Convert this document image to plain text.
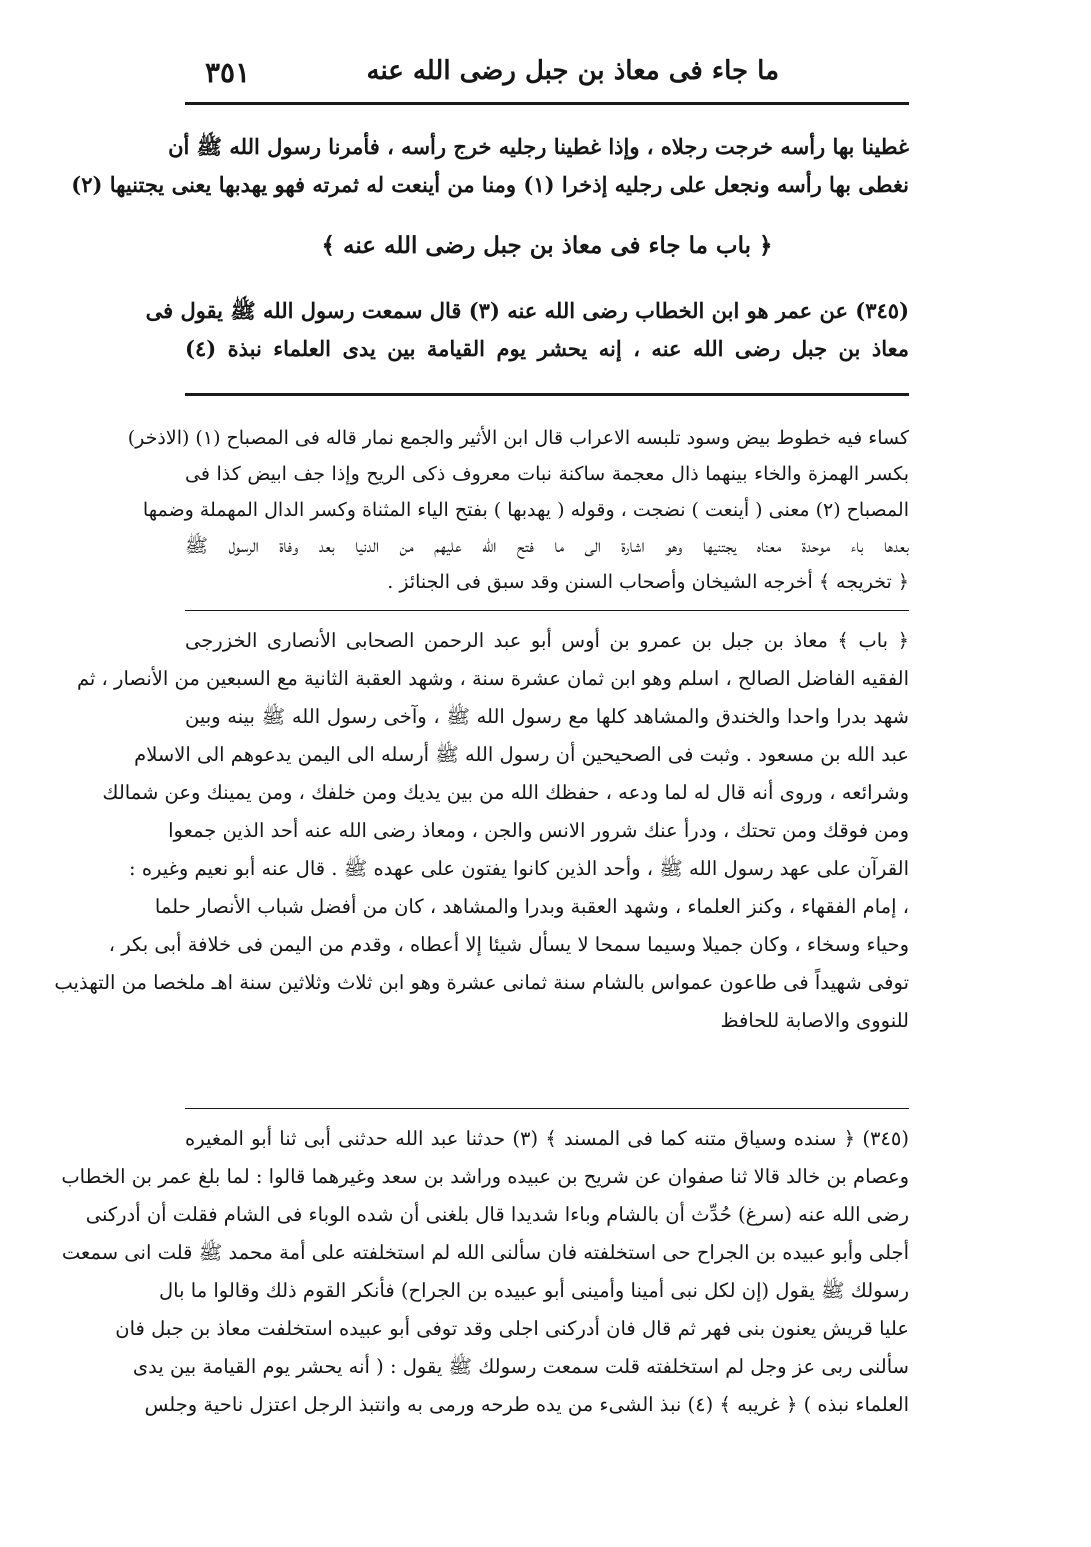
٣٥١	ما جاء فى معاذ بن جبل رضى الله عنه
غطينا بها رأسه خرجت رجلاه ، وإذا غطينا رجليه خرج رأسه ، فأمرنا رسول الله ﷺ أن
نغطى بها رأسه ونجعل على رجليه إذخرا (١) ومنا من أينعت له ثمرته فهو يهدبها يعنى يجتنيها (٢)
﴿ باب ما جاء فى معاذ بن جبل رضى الله عنه ﴾
(٣٤٥) عن عمر هو ابن الخطاب رضى الله عنه (٣) قال سمعت رسول الله ﷺ يقول فى
معاذ بن جبل رضى الله عنه ، إنه يحشر يوم القيامة بين يدى العلماء نبذة (٤)
كساء فيه خطوط بيض وسود تلبسه الاعراب قال ابن الأثير والجمع نمار قاله فى المصباح (١) (الاذخر)
بكسر الهمزة والخاء بينهما ذال معجمة ساكنة نبات معروف ذكى الريح وإذا جف ابيض كذا فى
المصباح (٢) معنى ( أينعت ) نضجت ، وقوله ( يهدبها ) بفتح الياء المثناة وكسر الدال المهملة وضمها
بعدها باء موحدة معناه يجتنيها وهو اشارة الى ما فتح الله عليهم من الدنيا بعد وفاة الرسول ﷺ
﴿ تخريجه ﴾ أخرجه الشيخان وأصحاب السنن وقد سبق فى الجنائز .
﴿ باب ﴾ معاذ بن جبل بن عمرو بن أوس أبو عبد الرحمن الصحابى الأنصارى الخزرجى
الفقيه الفاضل الصالح ، اسلم وهو ابن ثمان عشرة سنة ، وشهد العقبة الثانية مع السبعين من الأنصار ، ثم
شهد بدرا واحدا والخندق والمشاهد كلها مع رسول الله ﷺ ، وآخى رسول الله ﷺ بينه وبين
عبد الله بن مسعود . وثبت فى الصحيحين أن رسول الله ﷺ أرسله الى اليمن يدعوهم الى الاسلام
وشرائعه ، وروى أنه قال له لما ودعه ، حفظك الله من بين يديك ومن خلفك ، ومن يمينك وعن شمالك
ومن فوقك ومن تحتك ، ودرأ عنك شرور الانس والجن ، ومعاذ رضى الله عنه أحد الذين جمعوا
القرآن على عهد رسول الله ﷺ ، وأحد الذين كانوا يفتون على عهده ﷺ . قال عنه أبو نعيم وغيره :
، إمام الفقهاء ، وكنز العلماء ، وشهد العقبة وبدرا والمشاهد ، كان من أفضل شباب الأنصار حلما
وحياء وسخاء ، وكان جميلا وسيما سمحا لا يسأل شيئا إلا أعطاه ، وقدم من اليمن فى خلافة أبى بكر ،
توفى شهيداً فى طاعون عمواس بالشام سنة ثمانى عشرة وهو ابن ثلاث وثلاثين سنة اهـ ملخصا من التهذيب
للنووى والاصابة للحافظ
(٣٤٥) ﴿ سنده وسياق متنه كما فى المسند ﴾ (٣) حدثنا عبد الله حدثنى أبى ثنا أبو المغيره
وعصام بن خالد قالا ثنا صفوان عن شريح بن عبيده وراشد بن سعد وغيرهما قالوا : لما بلغ عمر بن الخطاب
رضى الله عنه (سرغ) حُدِّث أن بالشام وباءا شديدا قال بلغنى أن شده الوباء فى الشام فقلت أن أدركنى
أجلى وأبو عبيده بن الجراح حى استخلفته فان سألنى الله لم استخلفته على أمة محمد ﷺ قلت انى سمعت
رسولك ﷺ يقول (إن لكل نبى أمينا وأمينى أبو عبيده بن الجراح) فأنكر القوم ذلك وقالوا ما بال
عليا قريش يعنون بنى فهر ثم قال فان أدركنى اجلى وقد توفى أبو عبيده استخلفت معاذ بن جبل فان
سألنى ربى عز وجل لم استخلفته قلت سمعت رسولك ﷺ يقول : ( أنه يحشر يوم القيامة بين يدى
العلماء نبذه ) ﴿ غريبه ﴾ (٤) نبذ الشىء من يده طرحه ورمى به وانتبذ الرجل اعتزل ناحية وجلس
